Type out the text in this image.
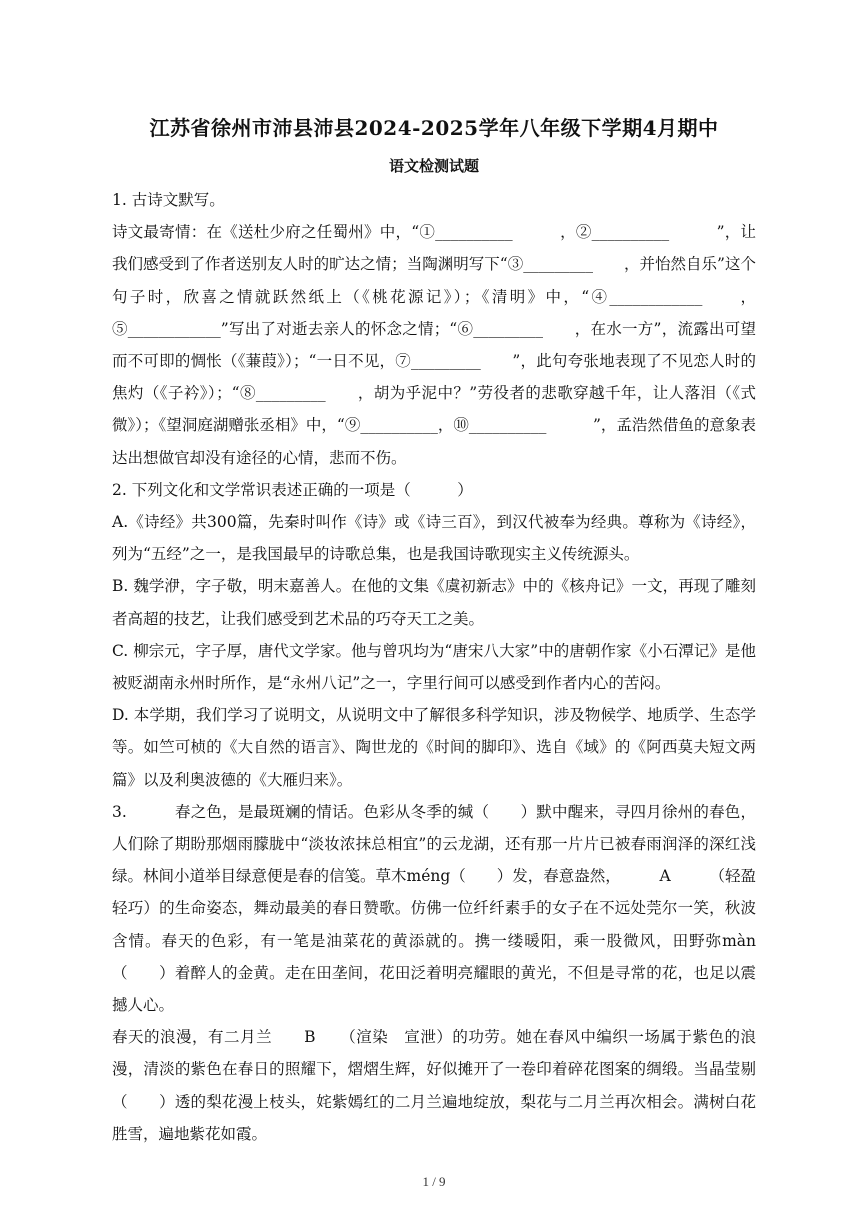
江苏省徐州市沛县沛县2024-2025学年八年级下学期4月期中
语文检测试题

1. 古诗文默写。

诗文最寄情：在《送杜少府之任蜀州》中，“①__________　　　，②__________　　　”，让我们感受到了作者送别友人时的旷达之情；当陶渊明写下“③_________　　，并怡然自乐”这个句子时，欣喜之情就跃然纸上（《桃花源记》）；《清明》中，“④____________　　，⑤____________”写出了对逝去亲人的怀念之情；“⑥_________　　，在水一方”，流露出可望而不可即的惆怅（《蒹葭》）；“一日不见，⑦_________　　”，此句夸张地表现了不见恋人时的焦灼（《子衿》）；“⑧_________　　，胡为乎泥中？”劳役者的悲歌穿越千年，让人落泪（《式微》）；《望洞庭湖赠张丞相》中，“⑨__________，⑩__________　　　”，孟浩然借鱼的意象表达出想做官却没有途径的心情，悲而不伤。

2. 下列文化和文学常识表述正确的一项是（　　　）

A.《诗经》共300篇，先秦时叫作《诗》或《诗三百》，到汉代被奉为经典。尊称为《诗经》，列为“五经”之一，是我国最早的诗歌总集，也是我国诗歌现实主义传统源头。

B. 魏学洢，字子敬，明末嘉善人。在他的文集《虞初新志》中的《核舟记》一文，再现了雕刻者高超的技艺，让我们感受到艺术品的巧夺天工之美。

C. 柳宗元，字子厚，唐代文学家。他与曾巩均为“唐宋八大家”中的唐朝作家《小石潭记》是他被贬湖南永州时所作，是“永州八记”之一，字里行间可以感受到作者内心的苦闷。

D. 本学期，我们学习了说明文，从说明文中了解很多科学知识，涉及物候学、地质学、生态学等。如竺可桢的《大自然的语言》、陶世龙的《时间的脚印》、选自《域》的《阿西莫夫短文两篇》以及利奥波德的《大雁归来》。

3.	春之色，是最斑斓的情话。色彩从冬季的缄（　　）默中醒来，寻四月徐州的春色，人们除了期盼那烟雨朦胧中“淡妆浓抹总相宜”的云龙湖，还有那一片片已被春雨润泽的深红浅绿。林间小道举目绿意便是春的信笺。草木méng（　　）发，春意盎然，　　　A　　　（轻盈　轻巧）的生命姿态，舞动最美的春日赞歌。仿佛一位纤纤素手的女子在不远处莞尔一笑，秋波含情。春天的色彩，有一笔是油菜花的黄添就的。携一缕暖阳，乘一股微风，田野弥màn（　　）着醉人的金黄。走在田垄间，花田泛着明亮耀眼的黄光，不但是寻常的花，也足以震撼人心。

春天的浪漫，有二月兰　　B　　（渲染　宣泄）的功劳。她在春风中编织一场属于紫色的浪漫，清淡的紫色在春日的照耀下，熠熠生辉，好似摊开了一卷印着碎花图案的绸缎。当晶莹剔（　　）透的梨花漫上枝头，姹紫嫣红的二月兰遍地绽放，梨花与二月兰再次相会。满树白花胜雪，遍地紫花如霞。

1 / 9
